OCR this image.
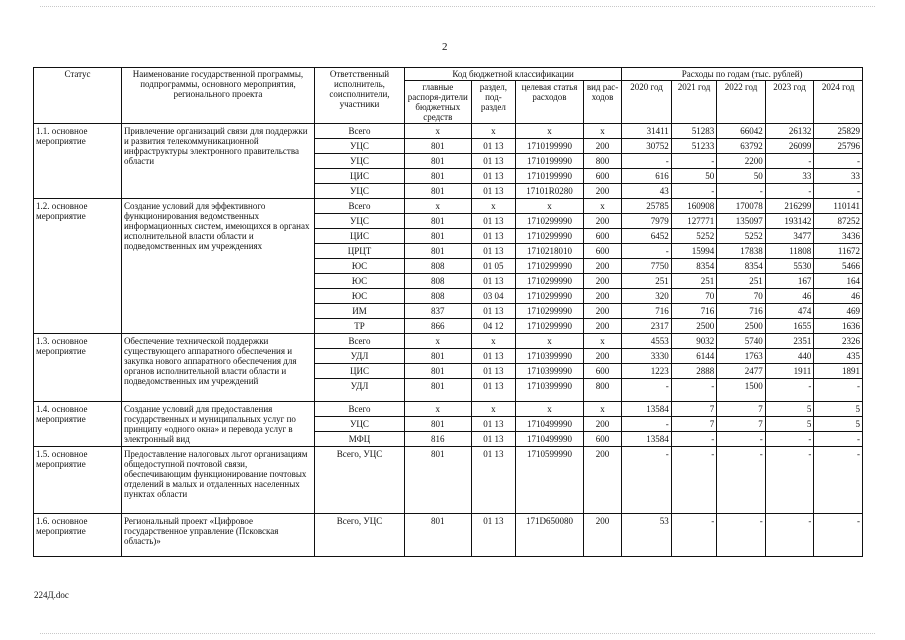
2
Статус	Наименование государственной программы, подпрограммы, основного мероприятия, регионального проекта	Ответственный исполнитель, соисполнители, участники	Код бюджетной классификации				Расходы по годам (тыс. рублей)				
			главные распоря-дители бюджетных средств	раздел, под-раздел	целевая статья расходов	вид рас-ходов	2020 год	2021 год	2022 год	2023 год	2024 год
1.1. основное мероприятие	Привлечение организаций связи для поддержки и развития телекоммуникационной инфраструктуры электронного правительства области	Всего	х	х	х	х	31411	51283	66042	26132	25829
		УЦС	801	01 13	1710199990	200	30752	51233	63792	26099	25796
		УЦС	801	01 13	1710199990	800	-	-	2200	-	-
		ЦИС	801	01 13	1710199990	600	616	50	50	33	33
		УЦС	801	01 13	17101R0280	200	43	-	-	-	-
1.2. основное мероприятие	Создание условий для эффективного функционирования ведомственных информационных систем, имеющихся в органах исполнительной власти области и подведомственных им учреждениях	Всего	х	х	х	х	25785	160908	170078	216299	110141
		УЦС	801	01 13	1710299990	200	7979	127771	135097	193142	87252
		ЦИС	801	01 13	1710299990	600	6452	5252	5252	3477	3436
		ЦРЦТ	801	01 13	1710218010	600	-	15994	17838	11808	11672
		ЮС	808	01 05	1710299990	200	7750	8354	8354	5530	5466
		ЮС	808	01 13	1710299990	200	251	251	251	167	164
		ЮС	808	03 04	1710299990	200	320	70	70	46	46
		ИМ	837	01 13	1710299990	200	716	716	716	474	469
		ТР	866	04 12	1710299990	200	2317	2500	2500	1655	1636
1.3. основное мероприятие	Обеспечение технической поддержки существующего аппаратного обеспечения и закупка нового аппаратного обеспечения для органов исполнительной власти области и подведомственных им учреждений	Всего	х	х	х	х	4553	9032	5740	2351	2326
		УДЛ	801	01 13	1710399990	200	3330	6144	1763	440	435
		ЦИС	801	01 13	1710399990	600	1223	2888	2477	1911	1891
		УДЛ	801	01 13	1710399990	800	-	-	1500	-	-
1.4. основное мероприятие	Создание условий для предоставления государственных и муниципальных услуг по принципу «одного окна» и перевода услуг в электронный вид	Всего	х	х	х	х	13584	7	7	5	5
		УЦС	801	01 13	1710499990	200	-	7	7	5	5
		МФЦ	816	01 13	1710499990	600	13584	-	-	-	-
1.5. основное мероприятие	Предоставление налоговых льгот организациям общедоступной почтовой связи, обеспечивающим функционирование почтовых отделений в малых и отдаленных населенных пунктах области	Всего, УЦС	801	01 13	1710599990	200	-	-	-	-	-
1.6. основное мероприятие	Региональный проект «Цифровое государственное управление (Псковская область)»	Всего, УЦС	801	01 13	171D650080	200	53	-	-	-	-
224Д.doc
